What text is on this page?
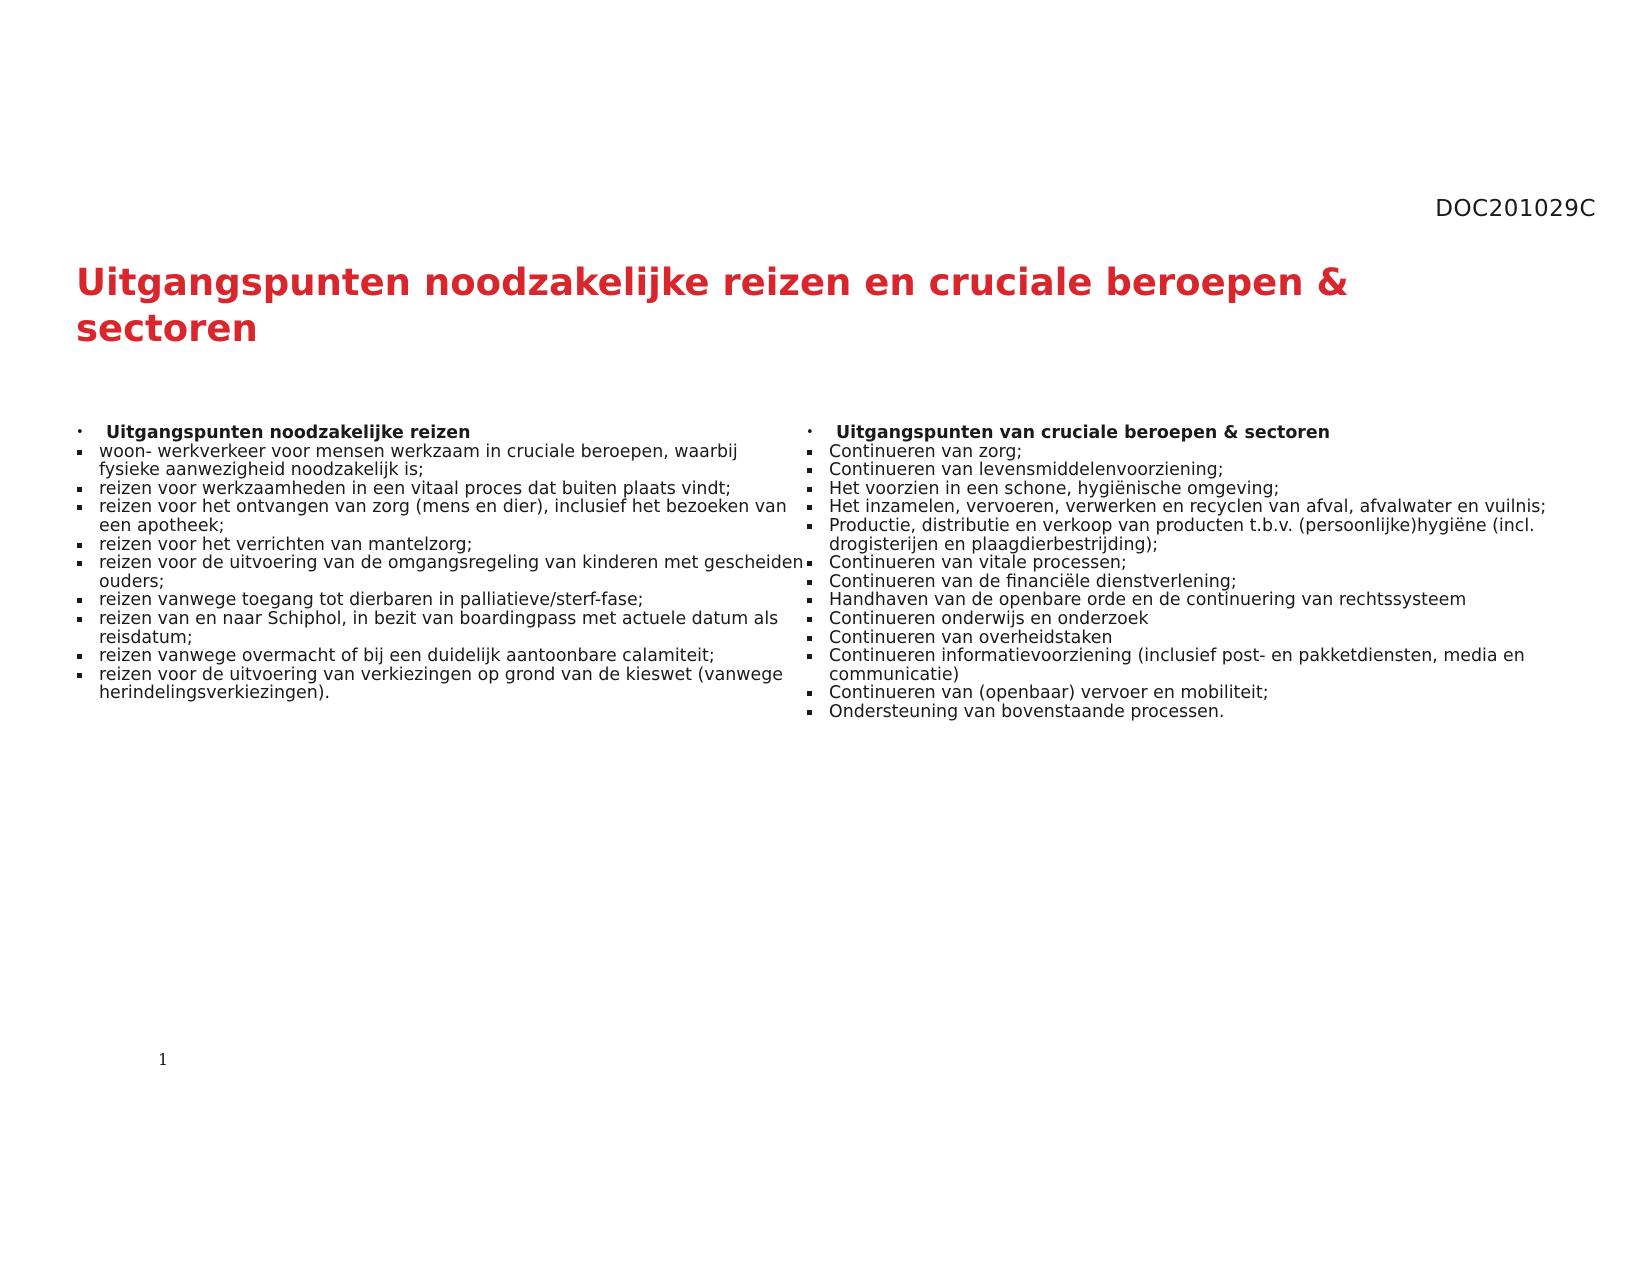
DOC201029C
Uitgangspunten noodzakelijke reizen en cruciale beroepen & sectoren
•	Uitgangspunten noodzakelijke reizen
woon- werkverkeer voor mensen werkzaam in cruciale beroepen, waarbij fysieke aanwezigheid noodzakelijk is;
reizen voor werkzaamheden in een vitaal proces dat buiten plaats vindt;
reizen voor het ontvangen van zorg (mens en dier), inclusief het bezoeken van een apotheek;
reizen voor het verrichten van mantelzorg;
reizen voor de uitvoering van de omgangsregeling van kinderen met gescheiden ouders;
reizen vanwege toegang tot dierbaren in palliatieve/sterf-fase;
reizen van en naar Schiphol, in bezit van boardingpass met actuele datum als reisdatum;
reizen vanwege overmacht of bij een duidelijk aantoonbare calamiteit;
reizen voor de uitvoering van verkiezingen op grond van de kieswet (vanwege herindelingsverkiezingen).
•	Uitgangspunten van cruciale beroepen & sectoren
Continueren van zorg;
Continueren van levensmiddelenvoorziening;
Het voorzien in een schone, hygiënische omgeving;
Het inzamelen, vervoeren, verwerken en recyclen van afval, afvalwater en vuilnis;
Productie, distributie en verkoop van producten t.b.v. (persoonlijke)hygiëne (incl. drogisterijen en plaagdierbestrijding);
Continueren van vitale processen;
Continueren van de financiële dienstverlening;
Handhaven van de openbare orde en de continuering van rechtssysteem
Continueren onderwijs en onderzoek
Continueren van overheidstaken
Continueren informatievoorziening (inclusief post- en pakketdiensten, media en communicatie)
Continueren van (openbaar) vervoer en mobiliteit;
Ondersteuning van bovenstaande processen.
1
